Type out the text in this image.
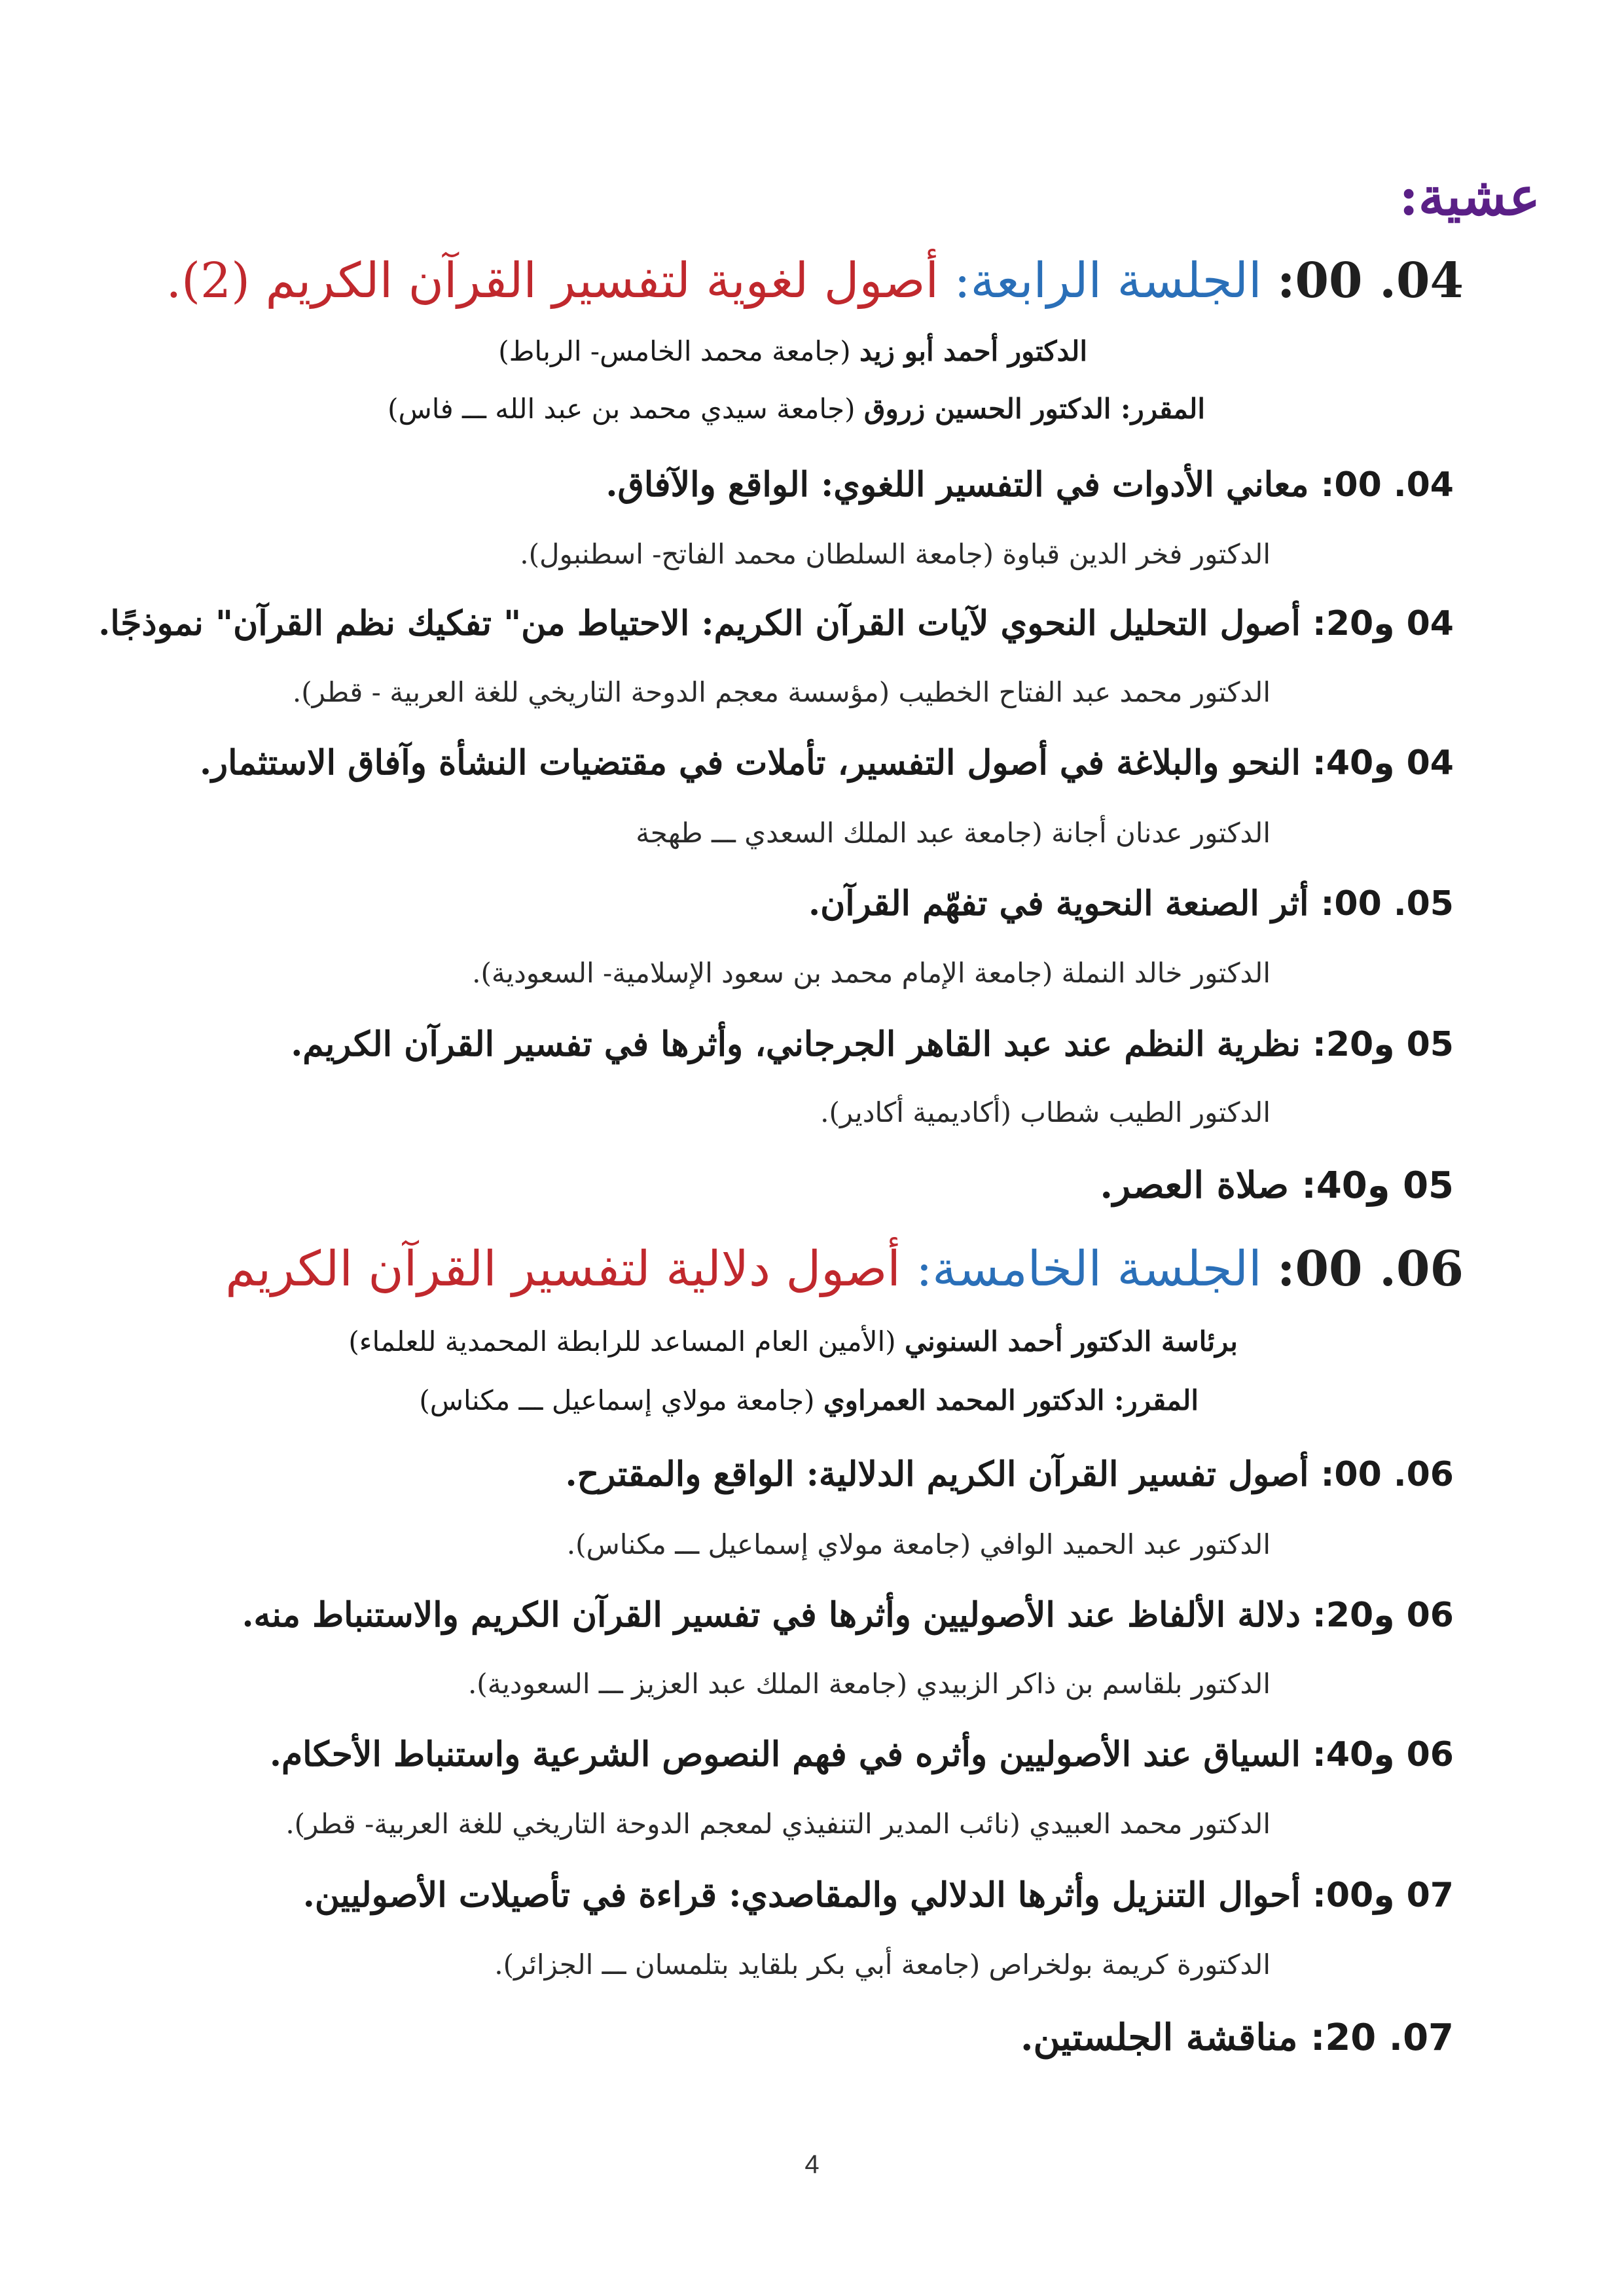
عشية:
04. 00: الجلسة الرابعة: أصول لغوية لتفسير القرآن الكريم (2).
الدكتور أحمد أبو زيد (جامعة محمد الخامس- الرباط)
المقرر: الدكتور الحسين زروق (جامعة سيدي محمد بن عبد الله ـــ فاس)
04. 00: معاني الأدوات في التفسير اللغوي: الواقع والآفاق.
الدكتور فخر الدين قباوة (جامعة السلطان محمد الفاتح- اسطنبول).
04 و20: أصول التحليل النحوي لآيات القرآن الكريم: الاحتياط من" تفكيك نظم القرآن" نموذجًا.
الدكتور محمد عبد الفتاح الخطيب (مؤسسة معجم الدوحة التاريخي للغة العربية - قطر).
04 و40: النحو والبلاغة في أصول التفسير، تأملات في مقتضيات النشأة وآفاق الاستثمار.
الدكتور عدنان أجانة (جامعة عبد الملك السعدي ـــ طهجة
05. 00: أثر الصنعة النحوية في تفهّم القرآن.
الدكتور خالد النملة (جامعة الإمام محمد بن سعود الإسلامية- السعودية).
05 و20: نظرية النظم عند عبد القاهر الجرجاني، وأثرها في تفسير القرآن الكريم.
الدكتور الطيب شطاب (أكاديمية أكادير).
05 و40: صلاة العصر.
06. 00: الجلسة الخامسة: أصول دلالية لتفسير القرآن الكريم
برئاسة الدكتور أحمد السنوني (الأمين العام المساعد للرابطة المحمدية للعلماء)
المقرر: الدكتور المحمد العمراوي (جامعة مولاي إسماعيل ـــ مكناس)
06. 00: أصول تفسير القرآن الكريم الدلالية: الواقع والمقترح.
الدكتور عبد الحميد الوافي (جامعة مولاي إسماعيل ـــ مكناس).
06 و20: دلالة الألفاظ عند الأصوليين وأثرها في تفسير القرآن الكريم والاستنباط منه.
الدكتور بلقاسم بن ذاكر الزبيدي (جامعة الملك عبد العزيز ـــ السعودية).
06 و40: السياق عند الأصوليين وأثره في فهم النصوص الشرعية واستنباط الأحكام.
الدكتور محمد العبيدي (نائب المدير التنفيذي لمعجم الدوحة التاريخي للغة العربية- قطر).
07 و00: أحوال التنزيل وأثرها الدلالي والمقاصدي: قراءة في تأصيلات الأصوليين.
الدكتورة كريمة بولخراص (جامعة أبي بكر بلقايد بتلمسان ـــ الجزائر).
07. 20: مناقشة الجلستين.
4
